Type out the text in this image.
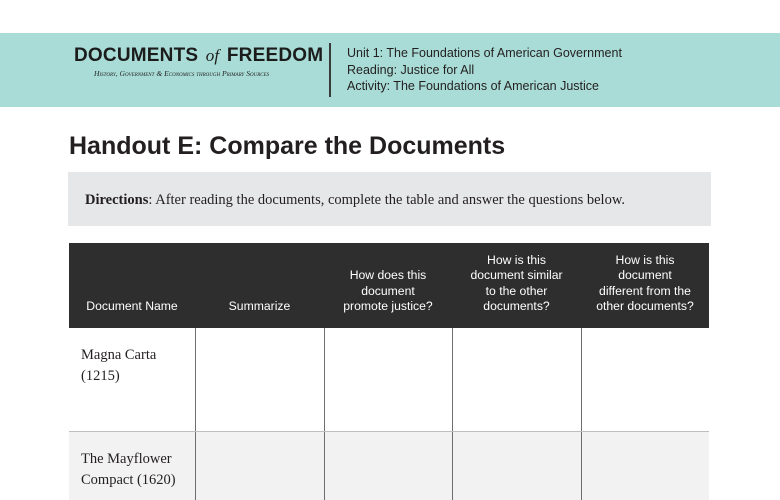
DOCUMENTS of FREEDOM
History, Government & Economics through Primary Sources
Unit 1: The Foundations of American Government
Reading: Justice for All
Activity: The Foundations of American Justice
Handout E: Compare the Documents
Directions: After reading the documents, complete the table and answer the questions below.
Document Name	Summarize
How does this
document
promote justice?
How is this
document similar
to the other
documents?
How is this
document
different from the
other documents?
Magna Carta
(1215)
The Mayflower
Compact (1620)
